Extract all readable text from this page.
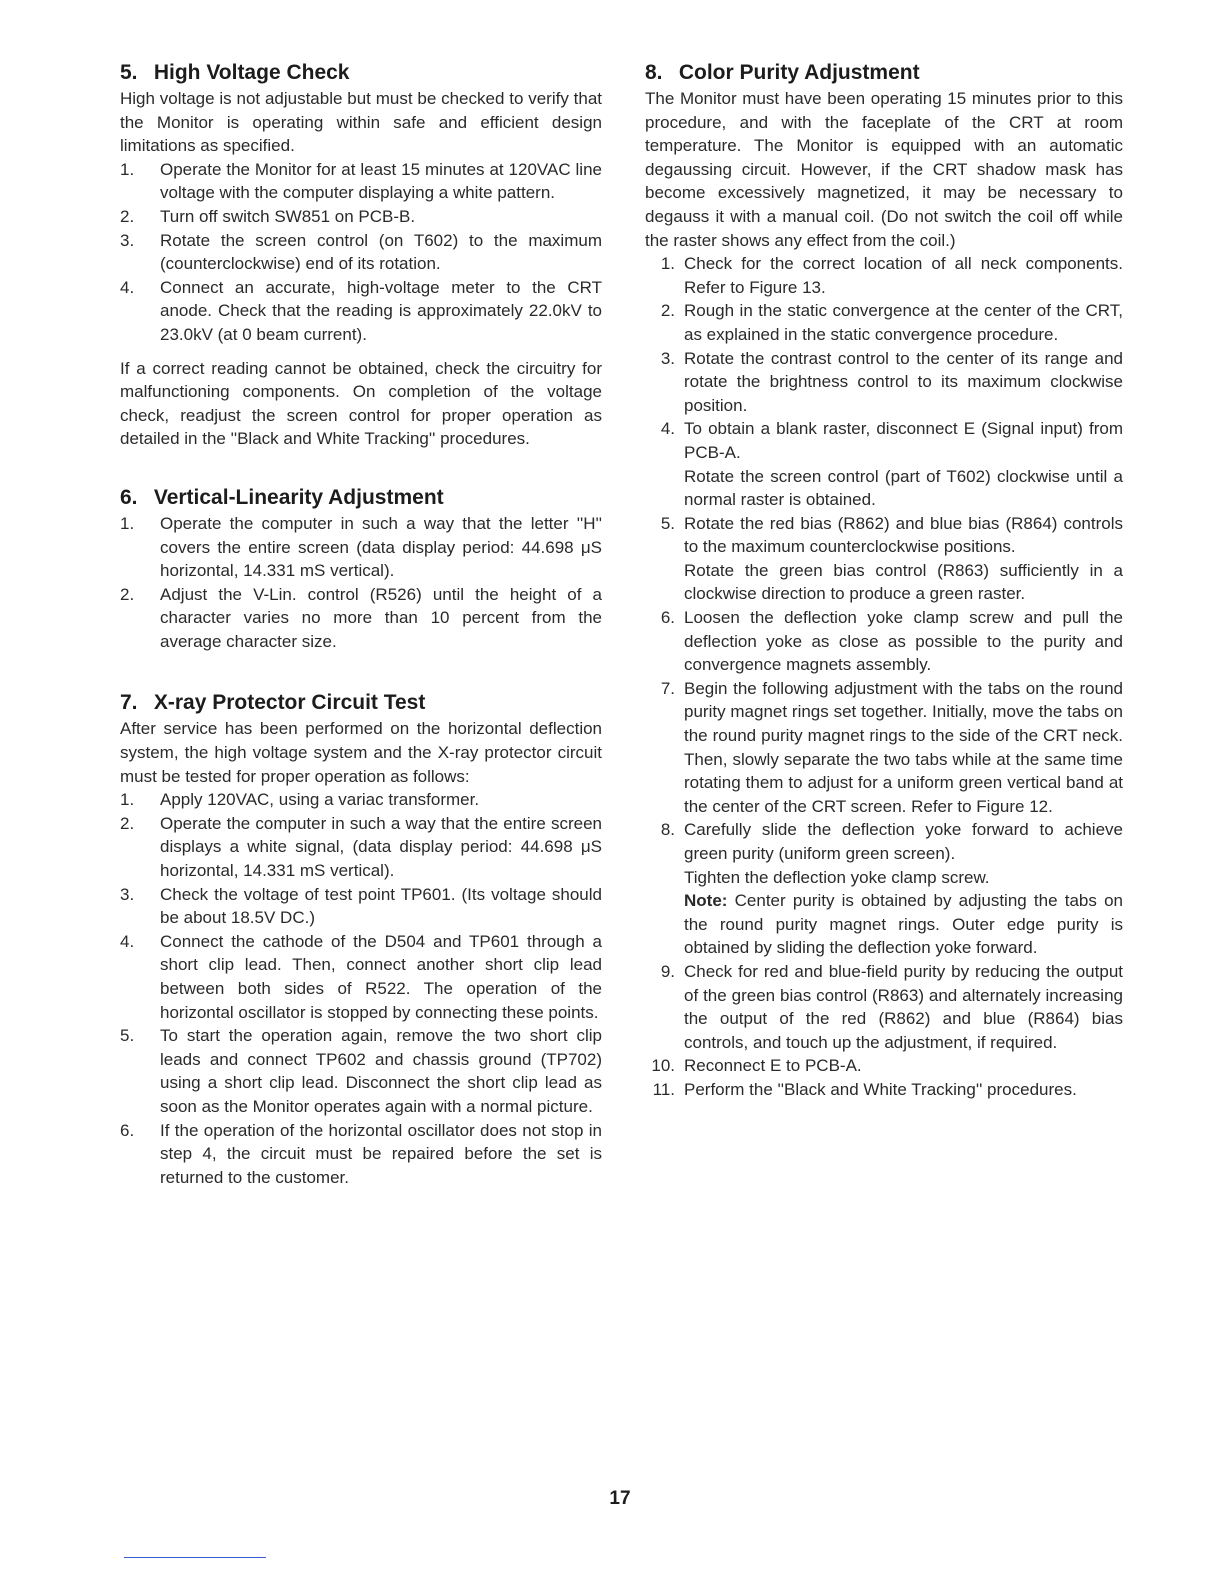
5. High Voltage Check

High voltage is not adjustable but must be checked to verify that the Monitor is operating within safe and efficient design limitations as specified.

1.	Operate the Monitor for at least 15 minutes at 120VAC line voltage with the computer displaying a white pattern.
2.	Turn off switch SW851 on PCB-B.
3.	Rotate the screen control (on T602) to the maximum (counterclockwise) end of its rotation.
4.	Connect an accurate, high-voltage meter to the CRT anode. Check that the reading is approximately 22.0kV to 23.0kV (at 0 beam current).

If a correct reading cannot be obtained, check the circuitry for malfunctioning components. On completion of the voltage check, readjust the screen control for proper operation as detailed in the ''Black and White Tracking'' procedures.

6. Vertical-Linearity Adjustment
1.	Operate the computer in such a way that the letter ''H'' covers the entire screen (data display period: 44.698 μS horizontal, 14.331 mS vertical).
2.	Adjust the V-Lin. control (R526) until the height of a character varies no more than 10 percent from the average character size.
7. X-ray Protector Circuit Test

After service has been performed on the horizontal deflection system, the high voltage system and the X-ray protector circuit must be tested for proper operation as follows:

1.	Apply 120VAC, using a variac transformer.
2.	Operate the computer in such a way that the entire screen displays a white signal, (data display period: 44.698 μS horizontal, 14.331 mS vertical).
3.	Check the voltage of test point TP601. (Its voltage should be about 18.5V DC.)
4.	Connect the cathode of the D504 and TP601 through a short clip lead. Then, connect another short clip lead between both sides of R522. The operation of the horizontal oscillator is stopped by connecting these points.
5.	To start the operation again, remove the two short clip leads and connect TP602 and chassis ground (TP702) using a short clip lead. Disconnect the short clip lead as soon as the Monitor operates again with a normal picture.
6.	If the operation of the horizontal oscillator does not stop in step 4, the circuit must be repaired before the set is returned to the customer.
8. Color Purity Adjustment

The Monitor must have been operating 15 minutes prior to this procedure, and with the faceplate of the CRT at room temperature. The Monitor is equipped with an automatic degaussing circuit. However, if the CRT shadow mask has become excessively magnetized, it may be necessary to degauss it with a manual coil. (Do not switch the coil off while the raster shows any effect from the coil.)

1. Check for the correct location of all neck components. Refer to Figure 13.
2. Rough in the static convergence at the center of the CRT, as explained in the static convergence procedure.
3. Rotate the contrast control to the center of its range and rotate the brightness control to its maximum clockwise position.
4. To obtain a blank raster, disconnect E (Signal input) from PCB-A.
Rotate the screen control (part of T602) clockwise until a normal raster is obtained.
5. Rotate the red bias (R862) and blue bias (R864) controls to the maximum counterclockwise positions.
Rotate the green bias control (R863) sufficiently in a clockwise direction to produce a green raster.
6. Loosen the deflection yoke clamp screw and pull the deflection yoke as close as possible to the purity and convergence magnets assembly.
7. Begin the following adjustment with the tabs on the round purity magnet rings set together. Initially, move the tabs on the round purity magnet rings to the side of the CRT neck. Then, slowly separate the two tabs while at the same time rotating them to adjust for a uniform green vertical band at the center of the CRT screen. Refer to Figure 12.
8. Carefully slide the deflection yoke forward to achieve green purity (uniform green screen).
Tighten the deflection yoke clamp screw.
Note: Center purity is obtained by adjusting the tabs on the round purity magnet rings. Outer edge purity is obtained by sliding the deflection yoke forward.
9. Check for red and blue-field purity by reducing the output of the green bias control (R863) and alternately increasing the output of the red (R862) and blue (R864) bias controls, and touch up the adjustment, if required.
10. Reconnect E to PCB-A.
11. Perform the ''Black and White Tracking'' procedures.
17
